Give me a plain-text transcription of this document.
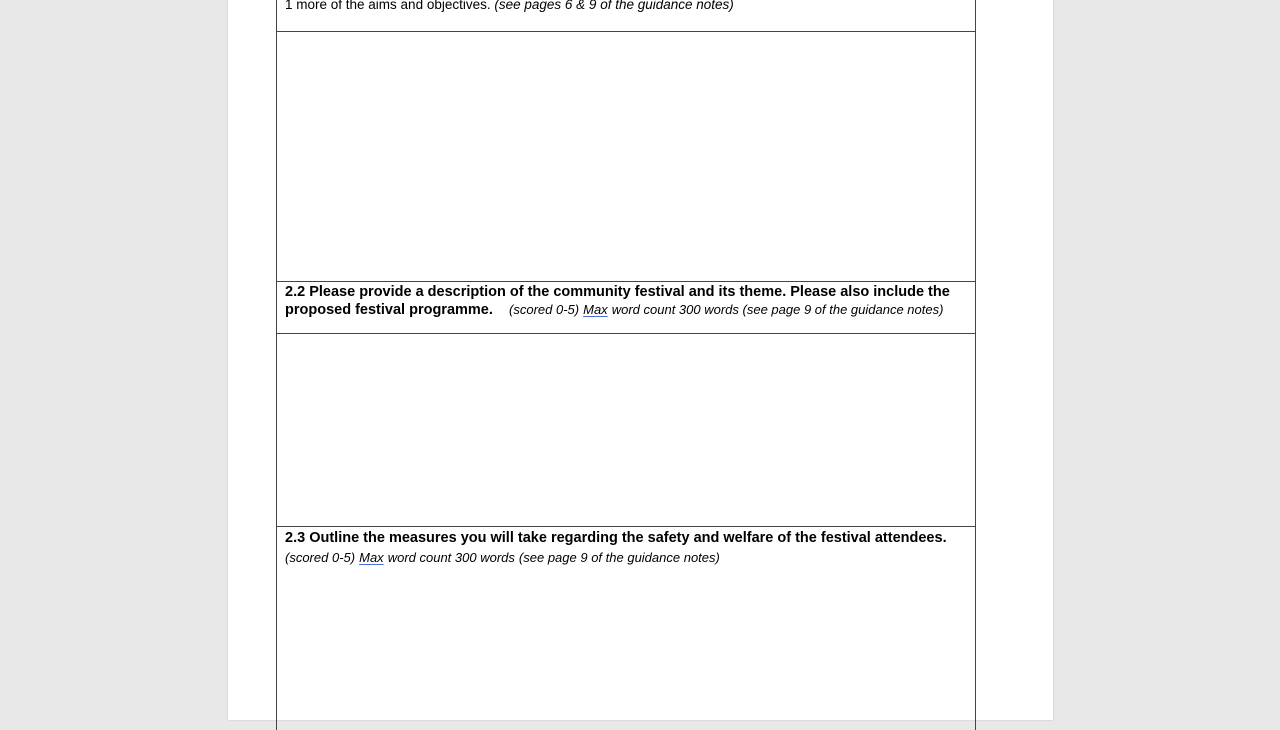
1 more of the aims and objectives. (see pages 6 & 9 of the guidance notes)
2.2 Please provide a description of the community festival and its theme. Please also include the proposed festival programme. (scored 0-5) Max word count 300 words (see page 9 of the guidance notes)
2.3 Outline the measures you will take regarding the safety and welfare of the festival attendees. (scored 0-5) Max word count 300 words (see page 9 of the guidance notes)
